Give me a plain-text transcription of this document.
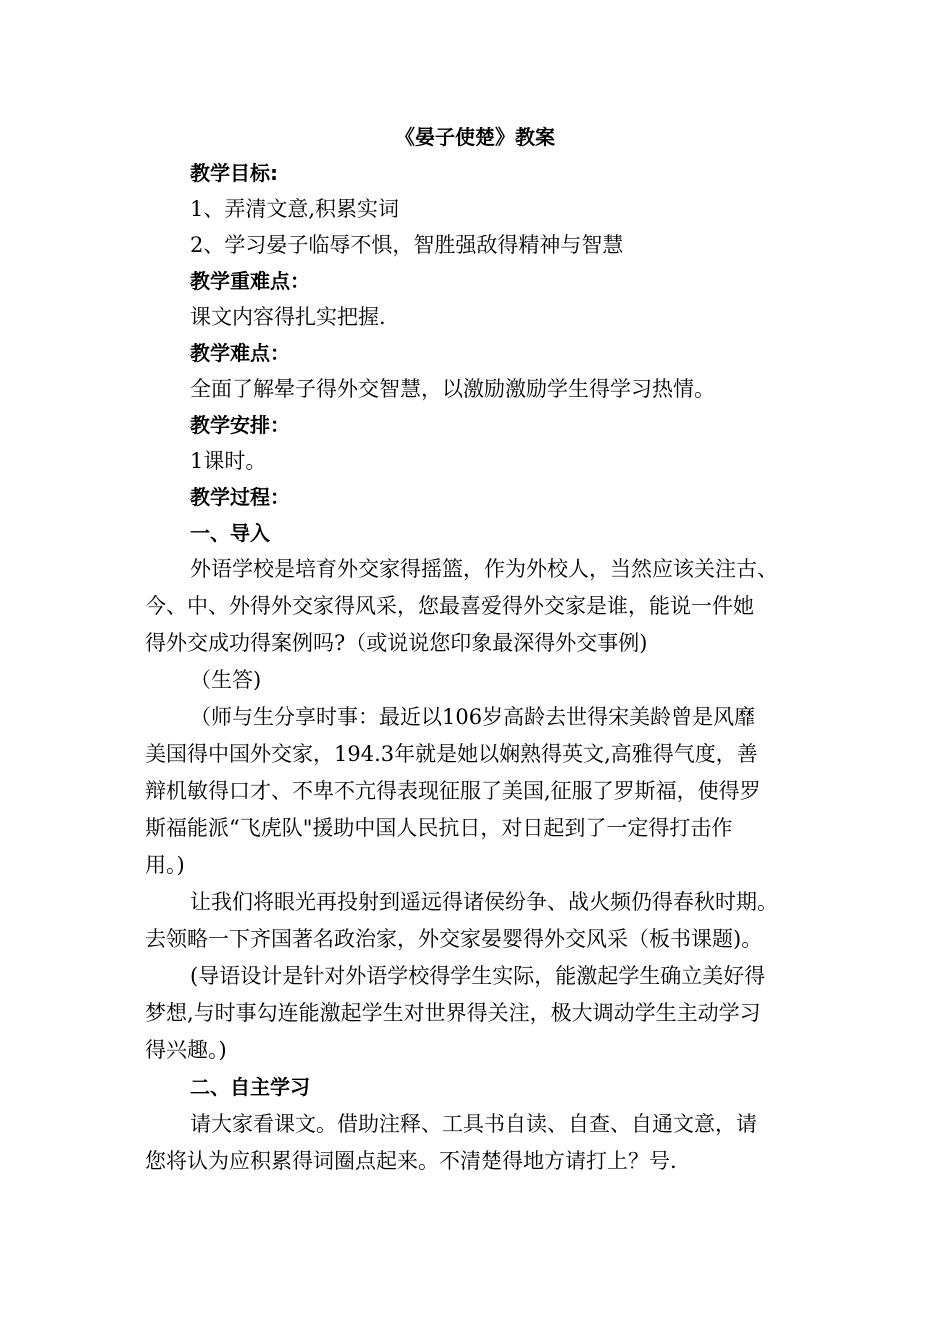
《晏子使楚》教案
教学目标:
1、弄清文意,积累实词
2、学习晏子临辱不惧，智胜强敌得精神与智慧
教学重难点：
课文内容得扎实把握.
教学难点：
全面了解晕子得外交智慧，以激励激励学生得学习热情。
教学安排：
1课时。
教学过程：
一、导入
外语学校是培育外交家得摇篮，作为外校人，当然应该关注古、
今、中、外得外交家得风采，您最喜爱得外交家是谁，能说一件她
得外交成功得案例吗?（或说说您印象最深得外交事例)
（生答)
（师与生分享时事：最近以106岁高龄去世得宋美龄曾是风靡
美国得中国外交家，194.3年就是她以娴熟得英文,高雅得气度，善
辩机敏得口才、不卑不亢得表现征服了美国,征服了罗斯福，使得罗
斯福能派“飞虎队"援助中国人民抗日，对日起到了一定得打击作
用。)
让我们将眼光再投射到遥远得诸侯纷争、战火频仍得春秋时期。
去领略一下齐国著名政治家，外交家晏婴得外交风采（板书课题)。
(导语设计是针对外语学校得学生实际，能激起学生确立美好得
梦想,与时事勾连能激起学生对世界得关注，极大调动学生主动学习
得兴趣。)
二、自主学习
请大家看课文。借助注释、工具书自读、自查、自通文意，请
您将认为应积累得词圈点起来。不清楚得地方请打上？号.
